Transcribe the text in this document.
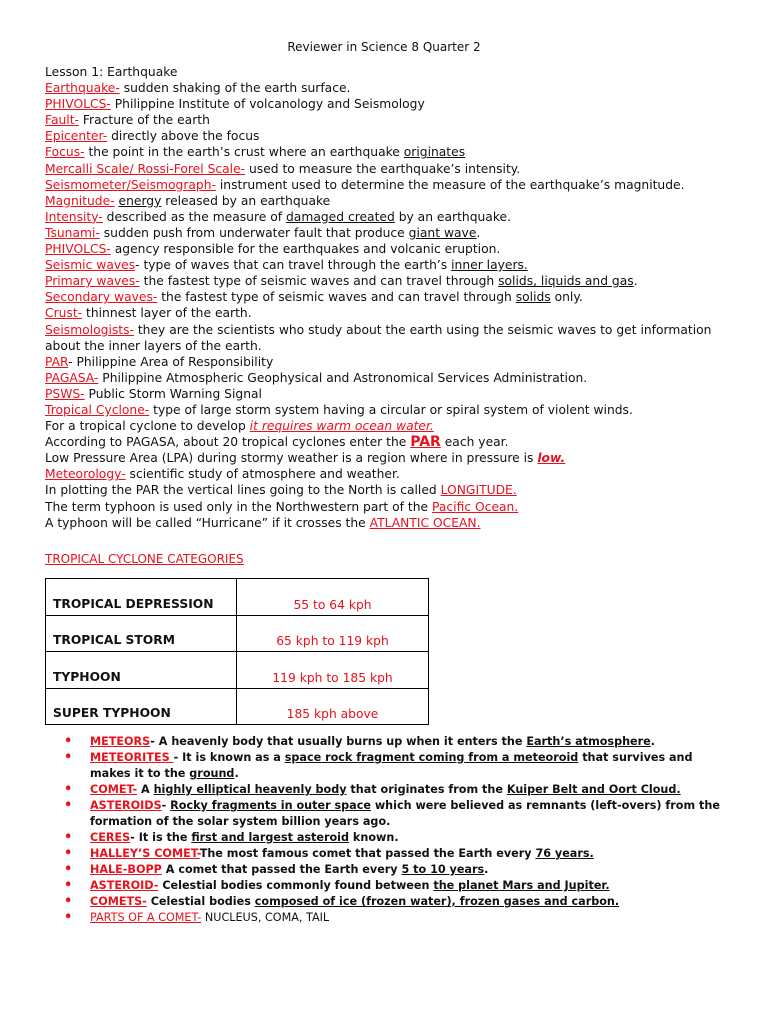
Reviewer in Science 8 Quarter 2
Lesson 1: Earthquake
Earthquake- sudden shaking of the earth surface.
PHIVOLCS- Philippine Institute of volcanology and Seismology
Fault- Fracture of the earth
Epicenter- directly above the focus
Focus- the point in the earth’s crust where an earthquake originates
Mercalli Scale/ Rossi-Forel Scale- used to measure the earthquake’s intensity.
Seismometer/Seismograph- instrument used to determine the measure of the earthquake’s magnitude.
Magnitude- energy released by an earthquake
Intensity- described as the measure of damaged created by an earthquake.
Tsunami- sudden push from underwater fault that produce giant wave.
PHIVOLCS- agency responsible for the earthquakes and volcanic eruption.
Seismic waves- type of waves that can travel through the earth’s inner layers.
Primary waves- the fastest type of seismic waves and can travel through solids, liquids and gas.
Secondary waves- the fastest type of seismic waves and can travel through solids only.
Crust- thinnest layer of the earth.
Seismologists- they are the scientists who study about the earth using the seismic waves to get information about the inner layers of the earth.
PAR- Philippine Area of Responsibility
PAGASA- Philippine Atmospheric Geophysical and Astronomical Services Administration.
PSWS- Public Storm Warning Signal
Tropical Cyclone- type of large storm system having a circular or spiral system of violent winds.
For a tropical cyclone to develop it requires warm ocean water.
According to PAGASA, about 20 tropical cyclones enter the PAR each year.
Low Pressure Area (LPA) during stormy weather is a region where in pressure is low.
Meteorology- scientific study of atmosphere and weather.
In plotting the PAR the vertical lines going to the North is called LONGITUDE.
The term typhoon is used only in the Northwestern part of the Pacific Ocean.
A typhoon will be called “Hurricane” if it crosses the ATLANTIC OCEAN.
TROPICAL CYCLONE CATEGORIES
TROPICAL DEPRESSION	55 to 64 kph
TROPICAL STORM	65 kph to 119 kph
TYPHOON	119 kph to 185 kph
SUPER TYPHOON	185 kph above
• METEORS- A heavenly body that usually burns up when it enters the Earth’s atmosphere.
• METEORITES - It is known as a space rock fragment coming from a meteoroid that survives and makes it to the ground.
• COMET- A highly elliptical heavenly body that originates from the Kuiper Belt and Oort Cloud.
• ASTEROIDS- Rocky fragments in outer space which were believed as remnants (left-overs) from the formation of the solar system billion years ago.
• CERES- It is the first and largest asteroid known.
• HALLEY’S COMET-The most famous comet that passed the Earth every 76 years.
• HALE-BOPP A comet that passed the Earth every 5 to 10 years.
• ASTEROID- Celestial bodies commonly found between the planet Mars and Jupiter.
• COMETS- Celestial bodies composed of ice (frozen water), frozen gases and carbon.
• PARTS OF A COMET- NUCLEUS, COMA, TAIL
